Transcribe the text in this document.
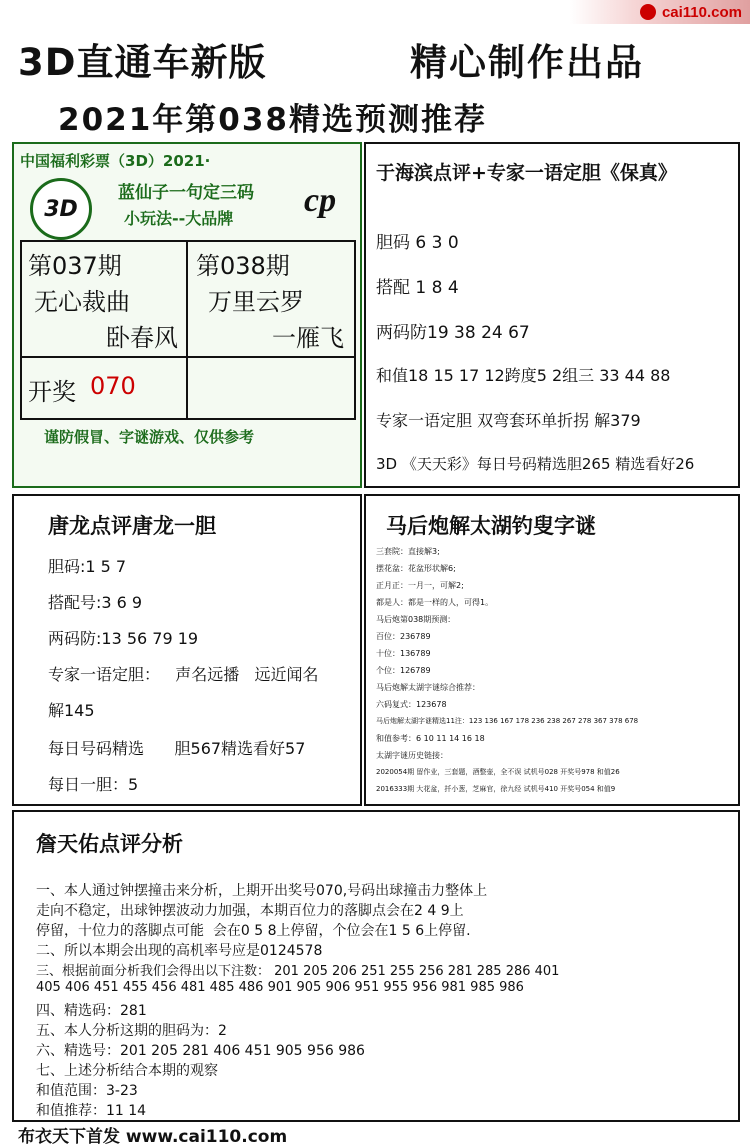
cai110.com
3D直通车新版	精心制作出品
2021年第038精选预测推荐
中国福利彩票（3D）2021·
3D
蓝仙子一句定三码
小玩法--大品牌 cp
第037期
无心裁曲
卧春风
第038期
万里云罗
一雁飞
开奖 070
谨防假冒、字谜游戏、仅供参考
于海滨点评+专家一语定胆《保真》
胆码 6 3 0
搭配 1 8 4
两码防19 38 24 67
和值18 15 17 12跨度5 2组三 33 44 88
专家一语定胆 双弯套环单折拐 解379
3D 《天天彩》每日号码精选胆265 精选看好26
唐龙点评唐龙一胆
胆码:1 5 7
搭配号:3 6 9
两码防:13 56 79 19
专家一语定胆：   声名远播   远近闻名
解145
每日号码精选      胆567精选看好57
每日一胆：5
马后炮解太湖钓叟字谜
三套院：直接解3;
摆花盆：花盆形状解6;
正月正：一月一，可解2;
都是人：都是一样的人，可得1。
马后炮第038期预测：
百位：236789
十位：136789
个位：126789
马后炮解太湖字谜综合推荐：
六码复式：123678
马后炮解太湖字谜精选11注：123 136 167 178 236 238 267 278 367 378 678
和值参考：6 10 11 14 16 18
太湖字谜历史链接：
2020054期 留作业，三套题，酒整壶，全不误 试机号028 开奖号978 和值26
2016333期 大花盆，扦小葱，芝麻官，徐九经 试机号410 开奖号054 和值9
詹天佑点评分析
一、本人通过钟摆撞击来分析，上期开出奖号070,号码出球撞击力整体上
走向不稳定，出球钟摆波动力加强，本期百位力的落脚点会在2 4 9上
停留，十位力的落脚点可能  会在0 5 8上停留，个位会在1 5 6上停留.
二、所以本期会出现的高机率号应是0124578
三、根据前面分析我们会得出以下注数： 201 205 206 251 255 256 281 285 286 401
405 406 451 455 456 481 485 486 901 905 906 951 955 956 981 985 986
四、精选码：281
五、本人分析这期的胆码为：2
六、精选号：201 205 281 406 451 905 956 986
七、上述分析结合本期的观察
和值范围：3-23
和值推荐：11 14
布衣天下首发 www.cai110.com
